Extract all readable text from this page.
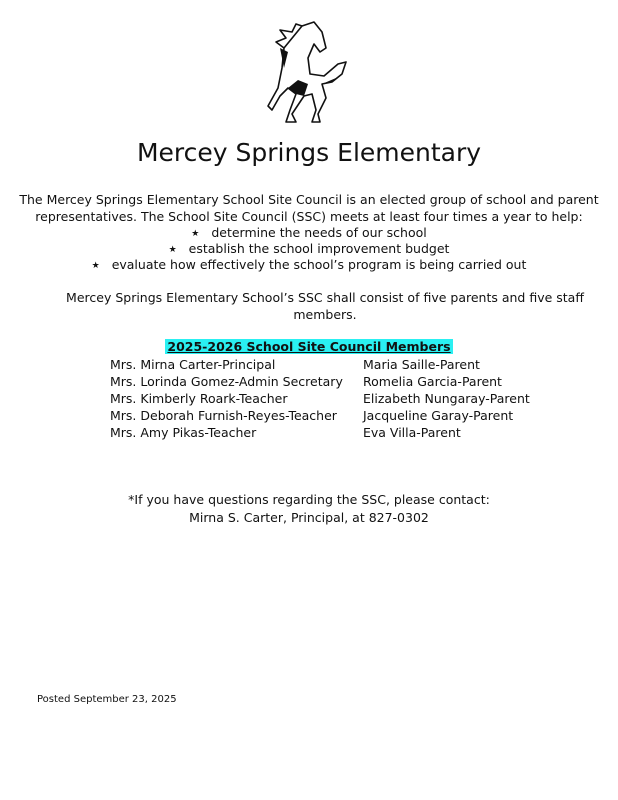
Mercey Springs Elementary
The Mercey Springs Elementary School Site Council is an elected group of school and parent
representatives. The School Site Council (SSC) meets at least four times a year to help:
★ determine the needs of our school
★ establish the school improvement budget
★ evaluate how effectively the school’s program is being carried out
Mercey Springs Elementary School’s SSC shall consist of five parents and five staff
members.
2025-2026 School Site Council Members
Mrs. Mirna Carter-Principal
Mrs. Lorinda Gomez-Admin Secretary
Mrs. Kimberly Roark-Teacher
Mrs. Deborah Furnish-Reyes-Teacher
Mrs. Amy Pikas-Teacher
Maria Saille-Parent
Romelia Garcia-Parent
Elizabeth Nungaray-Parent
Jacqueline Garay-Parent
Eva Villa-Parent
*If you have questions regarding the SSC, please contact:
Mirna S. Carter, Principal, at 827-0302
Posted September 23, 2025
